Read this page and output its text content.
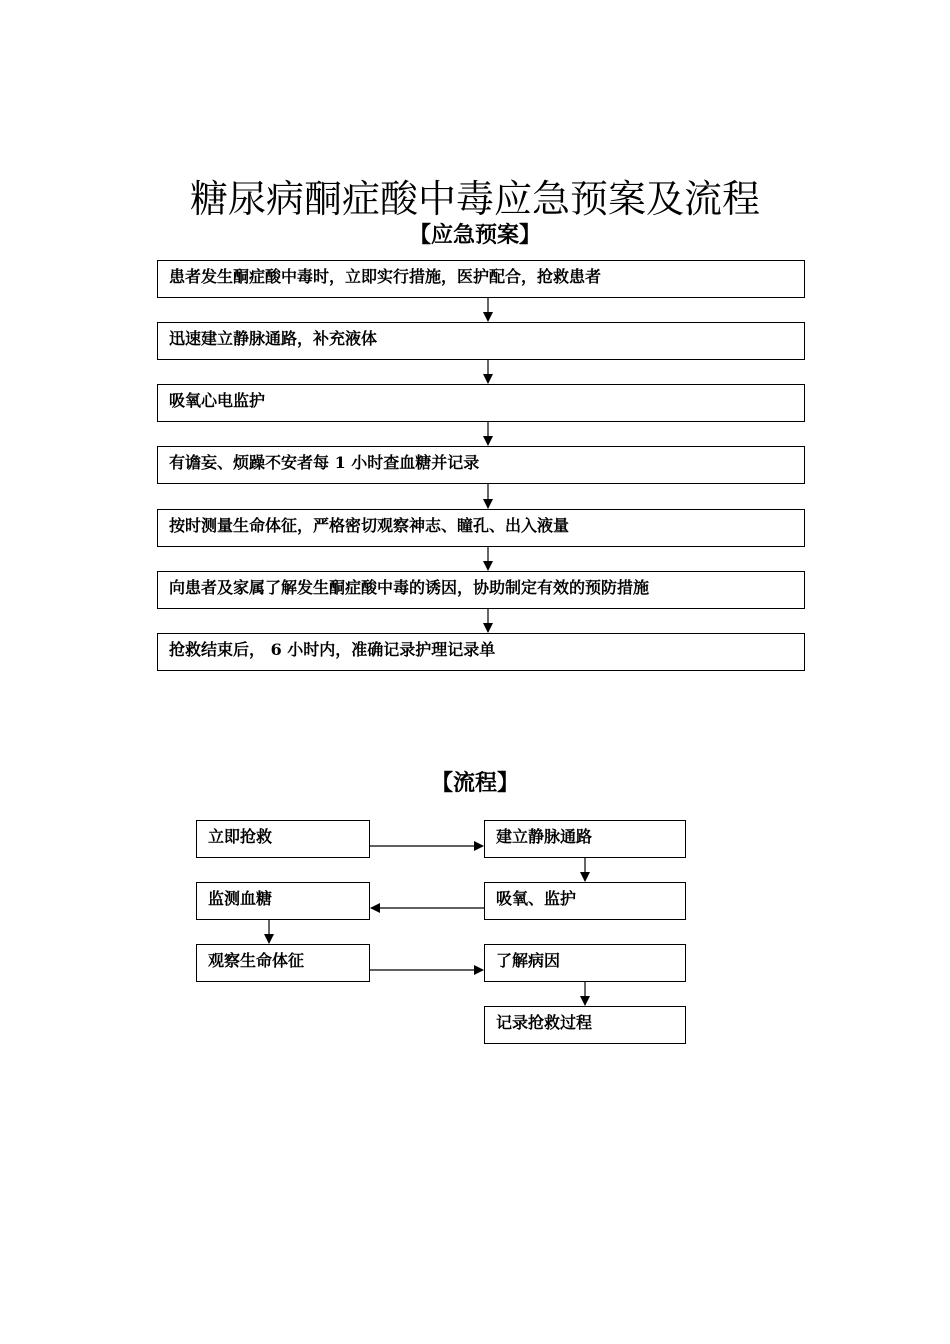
糖尿病酮症酸中毒应急预案及流程
【应急预案】
患者发生酮症酸中毒时，立即实行措施，医护配合，抢救患者
迅速建立静脉通路，补充液体
吸氧心电监护
有谵妄、烦躁不安者每 1 小时查血糖并记录
按时测量生命体征，严格密切观察神志、瞳孔、出入液量
向患者及家属了解发生酮症酸中毒的诱因，协助制定有效的预防措施
抢救结束后， 6 小时内，准确记录护理记录单
【流程】
立即抢救	建立静脉通路
吸氧、监护
监测血糖
观察生命体征	了解病因
记录抢救过程
